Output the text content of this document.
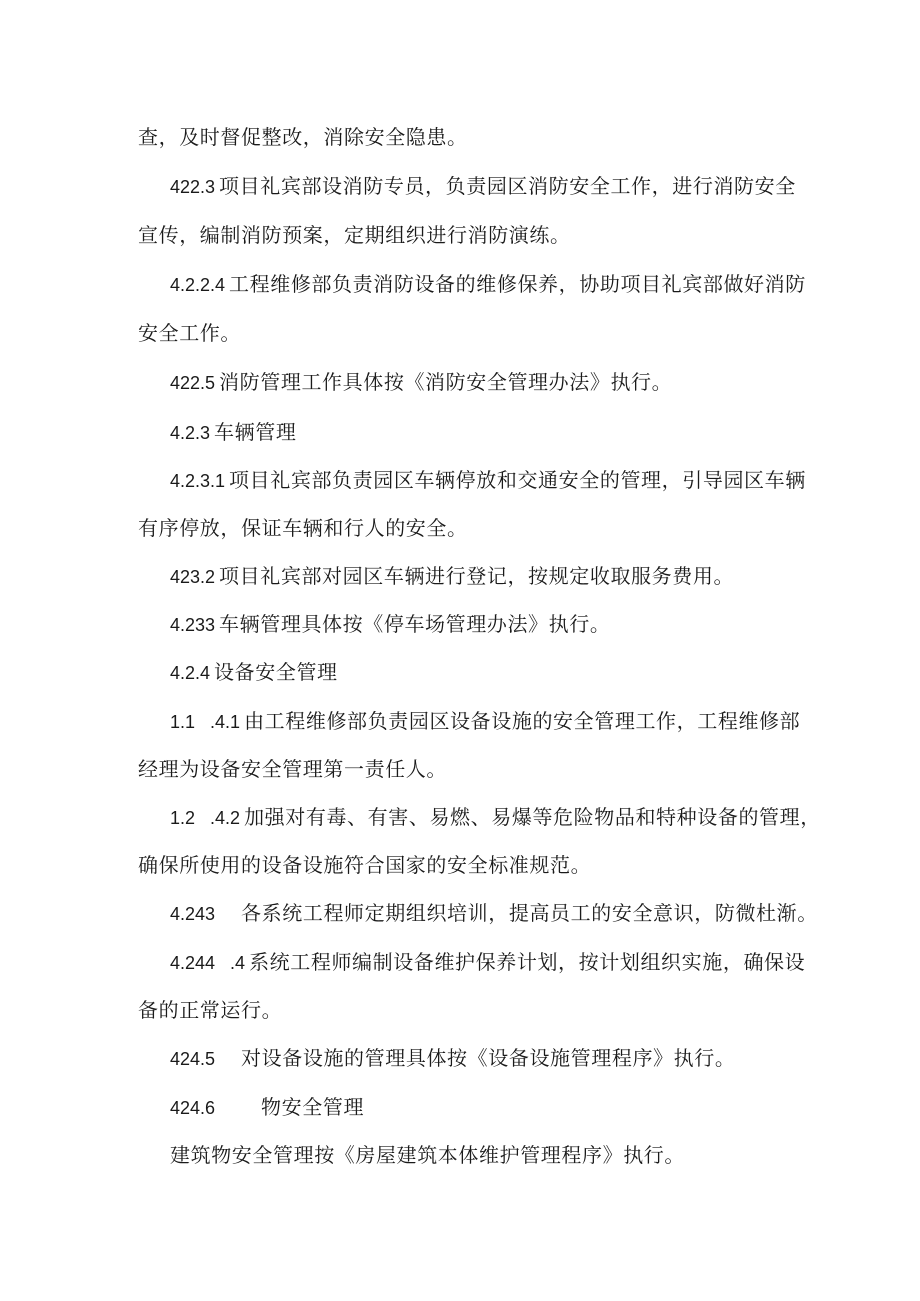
查，及时督促整改，消除安全隐患。
422.3 项目礼宾部设消防专员，负责园区消防安全工作，进行消防安全
宣传，编制消防预案，定期组织进行消防演练。
4.2.2.4 工程维修部负责消防设备的维修保养，协助项目礼宾部做好消防
安全工作。
422.5 消防管理工作具体按《消防安全管理办法》执行。
4.2.3 车辆管理
4.2.3.1 项目礼宾部负责园区车辆停放和交通安全的管理，引导园区车辆
有序停放，保证车辆和行人的安全。
423.2 项目礼宾部对园区车辆进行登记，按规定收取服务费用。
4.233 车辆管理具体按《停车场管理办法》执行。
4.2.4 设备安全管理
1.1   .4.1 由工程维修部负责园区设备设施的安全管理工作，工程维修部
经理为设备安全管理第一责任人。
1.2   .4.2 加强对有毒、有害、易燃、易爆等危险物品和特种设备的管理，
确保所使用的设备设施符合国家的安全标准规范。
4.243 各系统工程师定期组织培训，提高员工的安全意识，防微杜渐。
4.244   .4 系统工程师编制设备维护保养计划，按计划组织实施，确保设
备的正常运行。
424.5 对设备设施的管理具体按《设备设施管理程序》执行。
424.6 物安全管理
建筑物安全管理按《房屋建筑本体维护管理程序》执行。
